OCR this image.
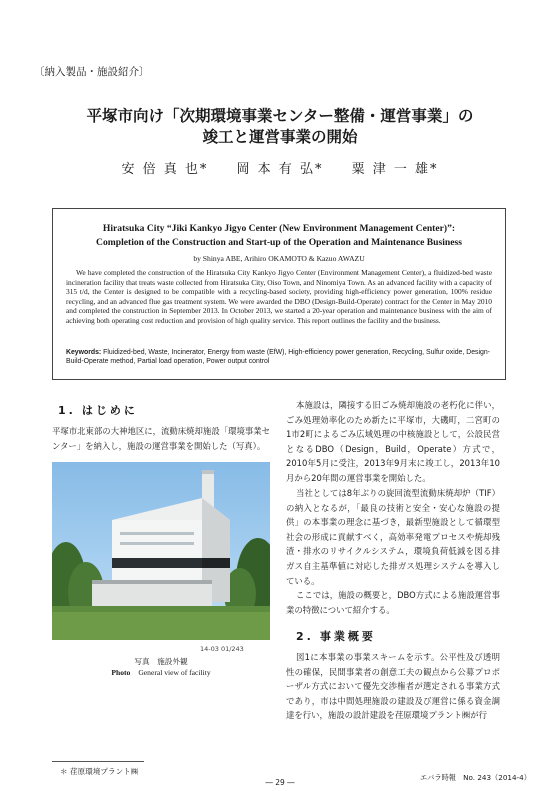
〔納入製品・施設紹介〕
平塚市向け「次期環境事業センター整備・運営事業」の
竣工と運営事業の開始
安 倍 真 也* 岡 本 有 弘* 粟 津 一 雄*
Hiratsuka City “Jiki Kankyo Jigyo Center (New Environment Management Center)”:
Completion of the Construction and Start-up of the Operation and Maintenance Business
by Shinya ABE, Arihiro OKAMOTO & Kazuo AWAZU
We have completed the construction of the Hiratsuka City Kankyo Jigyo Center (Environment Management Center), a fluidized-bed waste incineration facility that treats waste collected from Hiratsuka City, Oiso Town, and Ninomiya Town. As an advanced facility with a capacity of 315 t/d, the Center is designed to be compatible with a recycling-based society, providing high-efficiency power generation, 100% residue recycling, and an advanced flue gas treatment system. We were awarded the DBO (Design-Build-Operate) contract for the Center in May 2010 and completed the construction in September 2013. In October 2013, we started a 20-year operation and maintenance business with the aim of achieving both operating cost reduction and provision of high quality service. This report outlines the facility and the business.
Keywords: Fluidized-bed, Waste, Incinerator, Energy from waste (EfW), High-efficiency power generation, Recycling, Sulfur oxide, Design-Build-Operate method, Partial load operation, Power output control
1. はじめに
平塚市北東部の大神地区に，流動床焼却施設「環境事業センター」を納入し，施設の運営事業を開始した（写真）。
14-03 01/243
写真　施設外観
Photo General view of facility
本施設は，隣接する旧ごみ焼却施設の老朽化に伴い，ごみ処理効率化のため新たに平塚市，大磯町，二宮町の1市2町によるごみ広域処理の中核施設として，公設民営となるDBO（Design，Build，Operate）方式で，2010年5月に受注，2013年9月末に竣工し，2013年10月から20年間の運営事業を開始した。
当社としては8年ぶりの旋回流型流動床焼却炉（TIF）の納入となるが，「最良の技術と安全・安心な施設の提供」の本事業の理念に基づき，最新型施設として循環型社会の形成に貢献すべく，高効率発電プロセスや焼却残渣・排水のリサイクルシステム，環境負荷低減を図る排ガス自主基準値に対応した排ガス処理システムを導入している。
ここでは，施設の概要と，DBO方式による施設運営事業の特徴について紹介する。
2. 事業概要
図1に本事業の事業スキームを示す。公平性及び透明性の確保，民間事業者の創意工夫の観点から公募プロポーザル方式において優先交渉権者が選定される事業方式であり，市は中間処理施設の建設及び運営に係る資金調達を行い，施設の設計建設を荏原環境プラント㈱が行
＊ 荏原環境プラント㈱
エバラ時報　No. 243（2014-4）
― 29 ―
